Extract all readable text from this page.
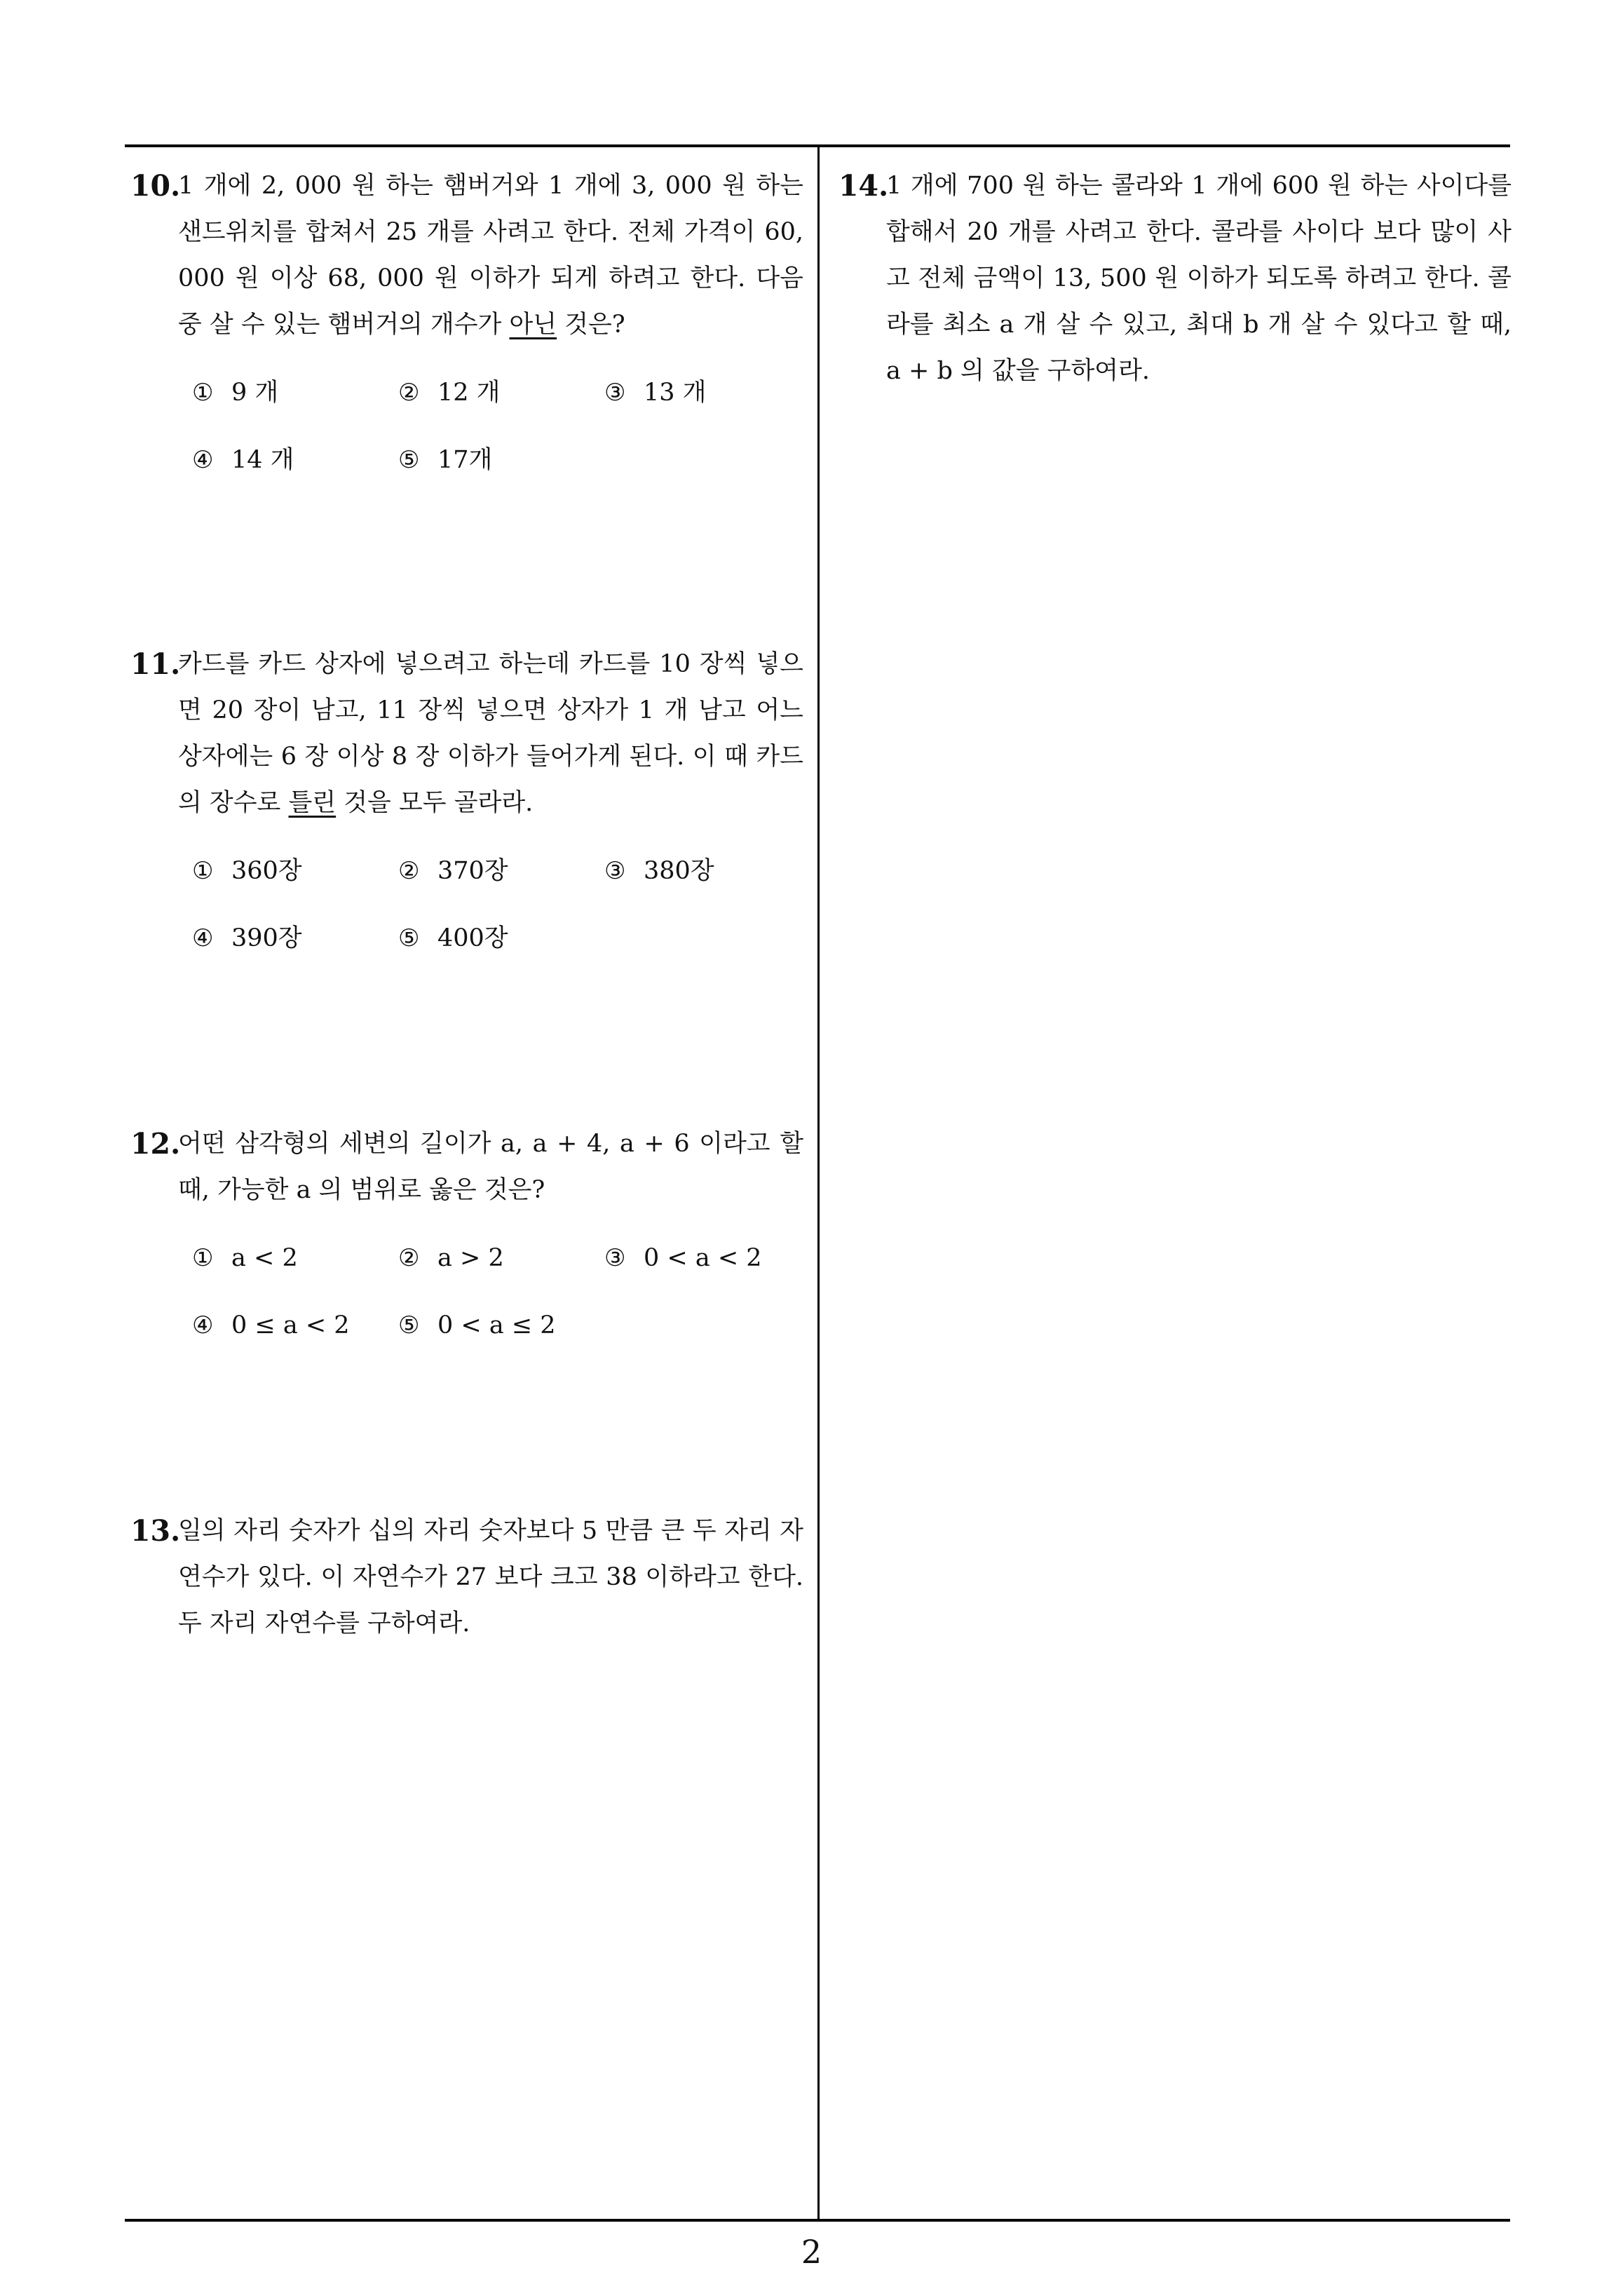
10.
1 개에 2, 000 원 하는 햄버거와 1 개에 3, 000 원 하는 샌드위치를 합쳐서 25 개를 사려고 한다. 전체 가격이 60, 000 원 이상 68, 000 원 이하가 되게 하려고 한다. 다음 중 살 수 있는 햄버거의 개수가 아닌 것은?
① 9 개	② 12 개	③ 13 개
④ 14 개	⑤ 17개
11.
카드를 카드 상자에 넣으려고 하는데 카드를 10 장씩 넣으면 20 장이 남고, 11 장씩 넣으면 상자가 1 개 남고 어느 상자에는 6 장 이상 8 장 이하가 들어가게 된다. 이 때 카드의 장수로 틀린 것을 모두 골라라.
① 360장	② 370장	③ 380장
④ 390장	⑤ 400장
12.
어떤 삼각형의 세변의 길이가 a, a + 4, a + 6 이라고 할 때, 가능한 a 의 범위로 옳은 것은?
① a < 2	② a > 2	③ 0 < a < 2
④ 0 ≤ a < 2 ⑤ 0 < a ≤ 2
13.
일의 자리 숫자가 십의 자리 숫자보다 5 만큼 큰 두 자리 자연수가 있다. 이 자연수가 27 보다 크고 38 이하라고 한다. 두 자리 자연수를 구하여라.
14.
1 개에 700 원 하는 콜라와 1 개에 600 원 하는 사이다를 합해서 20 개를 사려고 한다. 콜라를 사이다 보다 많이 사고 전체 금액이 13, 500 원 이하가 되도록 하려고 한다. 콜라를 최소 a 개 살 수 있고, 최대 b 개 살 수 있다고 할 때, a + b 의 값을 구하여라.
2
